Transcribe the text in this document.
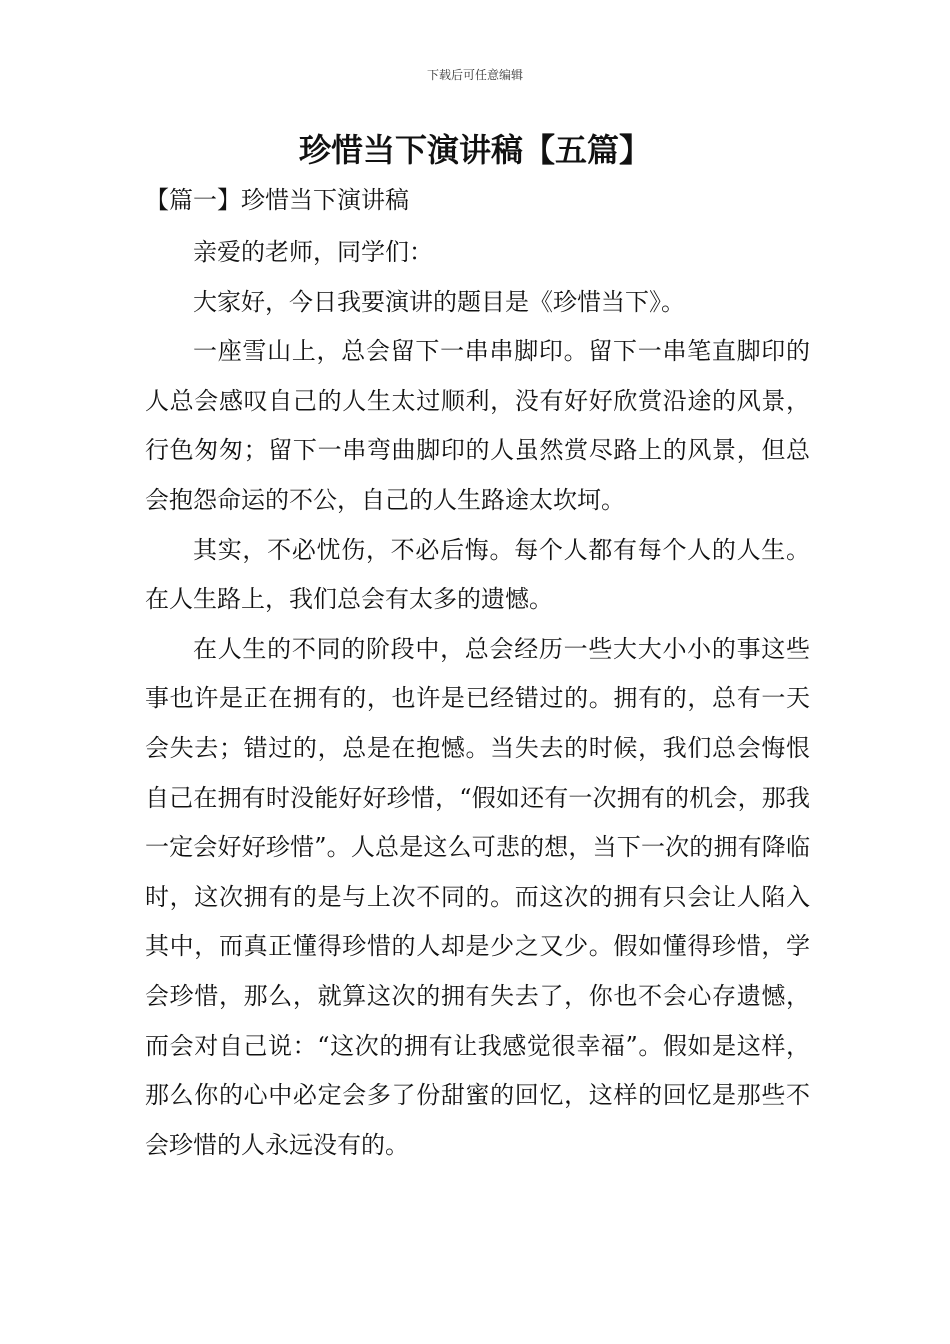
下载后可任意编辑
珍惜当下演讲稿【五篇】
【篇一】珍惜当下演讲稿

亲爱的老师，同学们：

大家好，今日我要演讲的题目是《珍惜当下》。

一座雪山上，总会留下一串串脚印。留下一串笔直脚印的人总会感叹自己的人生太过顺利，没有好好欣赏沿途的风景，行色匆匆；留下一串弯曲脚印的人虽然赏尽路上的风景，但总会抱怨命运的不公，自己的人生路途太坎坷。

其实，不必忧伤，不必后悔。每个人都有每个人的人生。在人生路上，我们总会有太多的遗憾。

在人生的不同的阶段中，总会经历一些大大小小的事这些事也许是正在拥有的，也许是已经错过的。拥有的，总有一天会失去；错过的，总是在抱憾。当失去的时候，我们总会悔恨自己在拥有时没能好好珍惜，“假如还有一次拥有的机会，那我一定会好好珍惜”。人总是这么可悲的想，当下一次的拥有降临时，这次拥有的是与上次不同的。而这次的拥有只会让人陷入其中，而真正懂得珍惜的人却是少之又少。假如懂得珍惜，学会珍惜，那么，就算这次的拥有失去了，你也不会心存遗憾，而会对自己说：“这次的拥有让我感觉很幸福”。假如是这样，那么你的心中必定会多了份甜蜜的回忆，这样的回忆是那些不会珍惜的人永远没有的。
